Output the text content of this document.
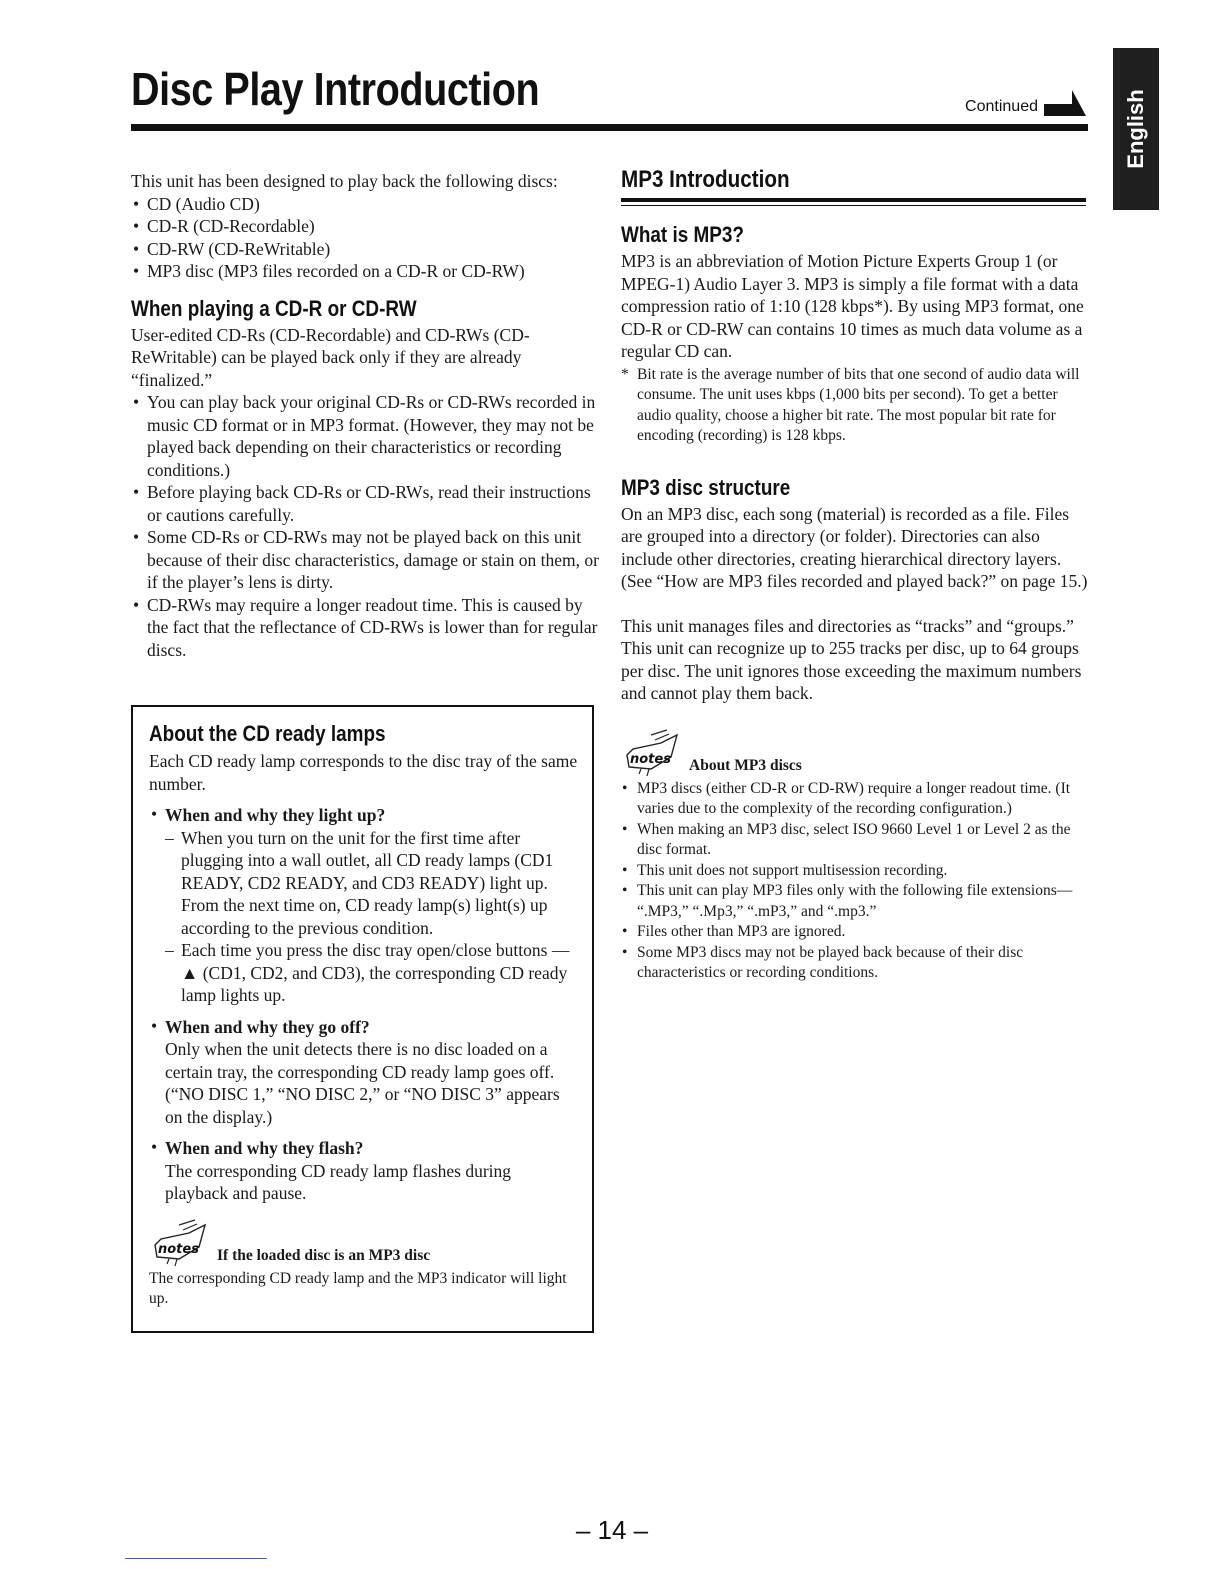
Disc Play Introduction	Continued	English

This unit has been designed to play back the following discs:

• CD (Audio CD)
• CD-R (CD-Recordable)
• CD-RW (CD-ReWritable)
• MP3 disc (MP3 files recorded on a CD-R or CD-RW)
When playing a CD-R or CD-RW

User-edited CD-Rs (CD-Recordable) and CD-RWs (CD-ReWritable) can be played back only if they are already “finalized.”

• You can play back your original CD-Rs or CD-RWs recorded in music CD format or in MP3 format. (However, they may not be played back depending on their characteristics or recording conditions.)
• Before playing back CD-Rs or CD-RWs, read their instructions or cautions carefully.
• Some CD-Rs or CD-RWs may not be played back on this unit because of their disc characteristics, damage or stain on them, or if the player’s lens is dirty.
• CD-RWs may require a longer readout time. This is caused by the fact that the reflectance of CD-RWs is lower than for regular discs.
About the CD ready lamps

Each CD ready lamp corresponds to the disc tray of the same number.

• When and why they light up?
– When you turn on the unit for the first time after plugging into a wall outlet, all CD ready lamps (CD1 READY, CD2 READY, and CD3 READY) light up. From the next time on, CD ready lamp(s) light(s) up according to the previous condition.
– Each time you press the disc tray open/close buttons —▲ (CD1, CD2, and CD3), the corresponding CD ready lamp lights up.
• When and why they go off?

Only when the unit detects there is no disc loaded on a certain tray, the corresponding CD ready lamp goes off. (“NO DISC 1,” “NO DISC 2,” or “NO DISC 3” appears on the display.)

• When and why they flash?

The corresponding CD ready lamp flashes during playback and pause.

notes If the loaded disc is an MP3 disc

The corresponding CD ready lamp and the MP3 indicator will light up.

MP3 Introduction
What is MP3?

MP3 is an abbreviation of Motion Picture Experts Group 1 (or MPEG-1) Audio Layer 3. MP3 is simply a file format with a data compression ratio of 1:10 (128 kbps*). By using MP3 format, one CD-R or CD-RW can contains 10 times as much data volume as a regular CD can.

* Bit rate is the average number of bits that one second of audio data will consume. The unit uses kbps (1,000 bits per second). To get a better audio quality, choose a higher bit rate. The most popular bit rate for encoding (recording) is 128 kbps.

MP3 disc structure

On an MP3 disc, each song (material) is recorded as a file. Files are grouped into a directory (or folder). Directories can also include other directories, creating hierarchical directory layers. (See “How are MP3 files recorded and played back?” on page 15.)

This unit manages files and directories as “tracks” and “groups.” This unit can recognize up to 255 tracks per disc, up to 64 groups per disc. The unit ignores those exceeding the maximum numbers and cannot play them back.

notes About MP3 discs
• MP3 discs (either CD-R or CD-RW) require a longer readout time. (It varies due to the complexity of the recording configuration.)
• When making an MP3 disc, select ISO 9660 Level 1 or Level 2 as the disc format.
• This unit does not support multisession recording.
• This unit can play MP3 files only with the following file extensions— “.MP3,” “.Mp3,” “.mP3,” and “.mp3.”
• Files other than MP3 are ignored.
• Some MP3 discs may not be played back because of their disc characteristics or recording conditions.
– 14 –
